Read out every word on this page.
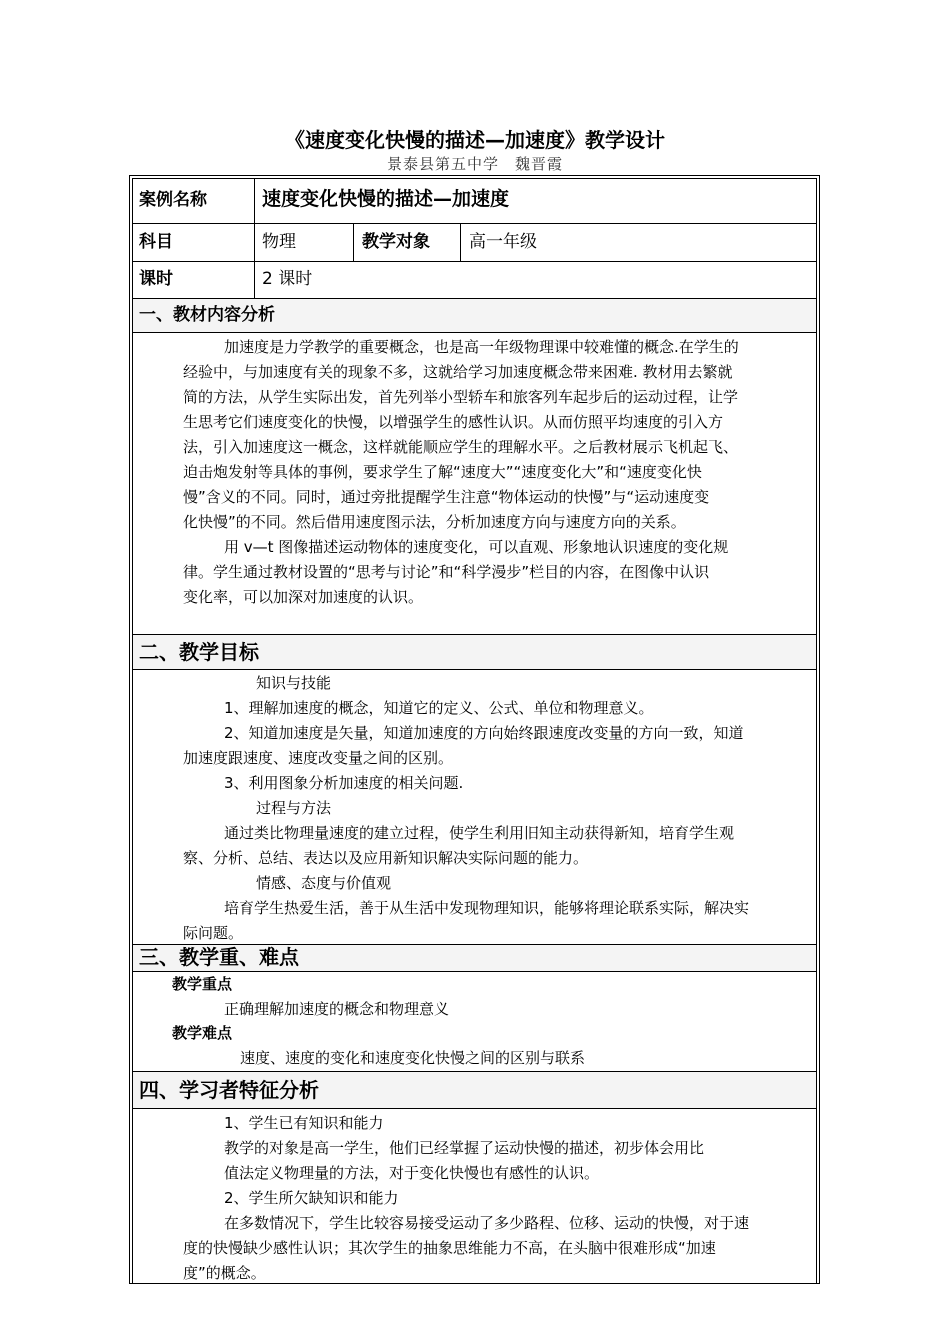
《速度变化快慢的描述—加速度》教学设计
景泰县第五中学　魏晋霞
案例名称	速度变化快慢的描述—加速度
科目	物理	教学对象 高一年级
课时	2 课时
一、教材内容分析
加速度是力学教学的重要概念，也是高一年级物理课中较难懂的概念.在学生的
经验中，与加速度有关的现象不多，这就给学习加速度概念带来困难. 教材用去繁就
简的方法，从学生实际出发，首先列举小型轿车和旅客列车起步后的运动过程，让学
生思考它们速度变化的快慢，以增强学生的感性认识。从而仿照平均速度的引入方
法，引入加速度这一概念，这样就能顺应学生的理解水平。之后教材展示飞机起飞、
迫击炮发射等具体的事例，要求学生了解“速度大”“速度变化大”和“速度变化快
慢”含义的不同。同时，通过旁批提醒学生注意“物体运动的快慢”与“运动速度变
化快慢”的不同。然后借用速度图示法，分析加速度方向与速度方向的关系。
用 v—t 图像描述运动物体的速度变化，可以直观、形象地认识速度的变化规
律。学生通过教材设置的“思考与讨论”和“科学漫步”栏目的内容，在图像中认识
变化率，可以加深对加速度的认识。
二、教学目标
知识与技能
1、理解加速度的概念，知道它的定义、公式、单位和物理意义。
2、知道加速度是矢量，知道加速度的方向始终跟速度改变量的方向一致，知道
加速度跟速度、速度改变量之间的区别。
3、利用图象分析加速度的相关问题.
过程与方法
通过类比物理量速度的建立过程，使学生利用旧知主动获得新知，培育学生观
察、分析、总结、表达以及应用新知识解决实际问题的能力。
情感、态度与价值观
培育学生热爱生活，善于从生活中发现物理知识，能够将理论联系实际，解决实
际问题。
三、教学重、难点
教学重点
正确理解加速度的概念和物理意义
教学难点
速度、速度的变化和速度变化快慢之间的区别与联系
四、学习者特征分析
1、学生已有知识和能力
教学的对象是高一学生，他们已经掌握了运动快慢的描述，初步体会用比
值法定义物理量的方法，对于变化快慢也有感性的认识。
2、学生所欠缺知识和能力
在多数情况下，学生比较容易接受运动了多少路程、位移、运动的快慢，对于速
度的快慢缺少感性认识；其次学生的抽象思维能力不高，在头脑中很难形成“加速
度”的概念。
